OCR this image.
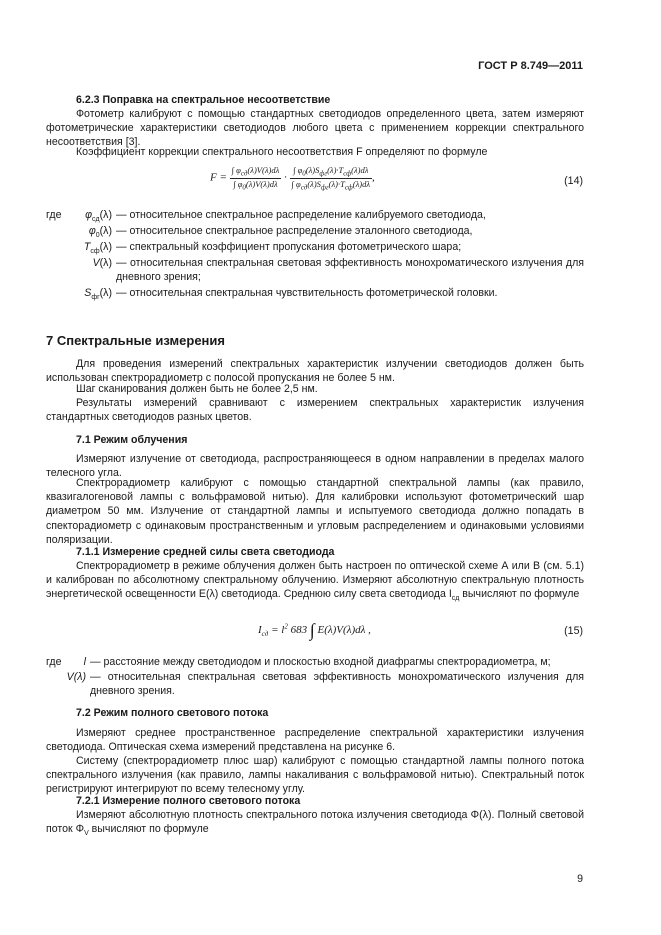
ГОСТ Р 8.749—2011
6.2.3 Поправка на спектральное несоответствие
Фотометр калибруют с помощью стандартных светодиодов определенного цвета, затем измеряют фотометрические характеристики светодиодов любого цвета с применением коррекции спектрального несоответствия [3].
Коэффициент коррекции спектрального несоответствия F определяют по формуле
$F = \frac{\int \varphi_{сд}(\lambda)V(\lambda)d\lambda}{\int \varphi_0(\lambda)V(\lambda)d\lambda} \cdot \frac{\int \varphi_0(\lambda)S_{фг}(\lambda)\cdot T_{сф}(\lambda)d\lambda}{\int \varphi_{сд}(\lambda)S_{фг}(\lambda)\cdot T_{сф}(\lambda)d\lambda}$ ,	(14)
где	$\varphi_{сд}(\lambda)$ — относительное спектральное распределение калибруемого светодиода,
$\varphi_0(\lambda)$ — относительное спектральное распределение эталонного светодиода,
$T_{сф}(\lambda)$ — спектральный коэффициент пропускания фотометрического шара;
V(λ) — относительная спектральная световая эффективность монохроматического излучения для дневного зрения;
$S_{фг}(\lambda)$ — относительная спектральная чувствительность фотометрической головки.
7 Спектральные измерения
Для проведения измерений спектральных характеристик излучении светодиодов должен быть использован спектрорадиометр с полосой пропускания не более 5 нм.
Шаг сканирования должен быть не более 2,5 нм.
Результаты измерений сравнивают с измерением спектральных характеристик излучения стандартных светодиодов разных цветов.
7.1 Режим облучения
Измеряют излучение от светодиода, распространяющееся в одном направлении в пределах малого телесного угла.
Спектрорадиометр калибруют с помощью стандартной спектральной лампы (как правило, квазигалогеновой лампы с вольфрамовой нитью). Для калибровки используют фотометрический шар диаметром 50 мм. Излучение от стандартной лампы и испытуемого светодиода должно попадать в спекторадиометр с одинаковым пространственным и угловым распределением и одинаковыми условиями поляризации.
7.1.1 Измерение средней силы света светодиода
Спектрорадиометр в режиме облучения должен быть настроен по оптической схеме А или В (см. 5.1) и калиброван по абсолютному спектральному облучению. Измеряют абсолютную спектральную плотность энергетической освещенности E(λ) светодиода. Среднюю силу света светодиода $I_{сд}$ вычисляют по формуле
$I_{сд} = l^2$ 683 ∫ E(λ)V(λ)dλ ,	(15)
где	l — расстояние между светодиодом и плоскостью входной диафрагмы спектрорадиометра, м;
V(λ) — относительная спектральная световая эффективность монохроматического излучения для дневного зрения.
7.2 Режим полного светового потока
Измеряют среднее пространственное распределение спектральной характеристики излучения светодиода. Оптическая схема измерений представлена на рисунке 6.
Систему (спектрорадиометр плюс шар) калибруют с помощью стандартной лампы полного потока спектрального излучения (как правило, лампы накаливания с вольфрамовой нитью). Спектральный поток регистрируют интегрируют по всему телесному углу.
7.2.1 Измерение полного светового потока
Измеряют абсолютную плотность спектрального потока излучения светодиода Φ(λ). Полный световой поток $\Phi_V$ вычисляют по формуле
9
